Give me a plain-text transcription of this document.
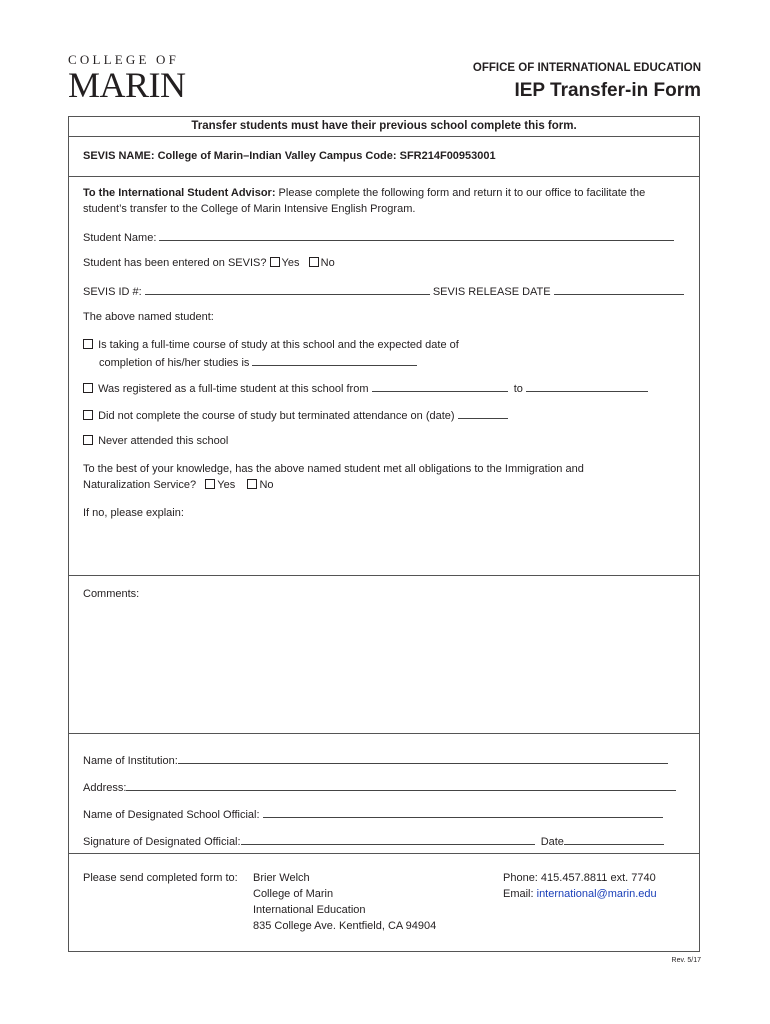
COLLEGE OF
MARIN	OFFICE OF INTERNATIONAL EDUCATION
IEP Transfer-in Form
Transfer students must have their previous school complete this form.
SEVIS NAME: College of Marin–Indian Valley Campus Code: SFR214F00953001
To the International Student Advisor: Please complete the following form and return it to our office to facilitate the
student’s transfer to the College of Marin Intensive English Program.
Student Name:
Student has been entered on SEVIS? Yes No
SEVIS ID #:	SEVIS RELEASE DATE
The above named student:
Is taking a full-time course of study at this school and the expected date of
completion of his/her studies is
Was registered as a full-time student at this school from	to
Did not complete the course of study but terminated attendance on (date)
Never attended this school
To the best of your knowledge, has the above named student met all obligations to the Immigration and
Naturalization Service? Yes No
If no, please explain:
Comments:
Name of Institution:
Address:
Name of Designated School Official:
Signature of Designated Official:	Date
Please send completed form to: Brier Welch
College of Marin
International Education
835 College Ave. Kentfield, CA 94904
Phone: 415.457.8811 ext. 7740
Email: international@marin.edu
Rev. 5/17
